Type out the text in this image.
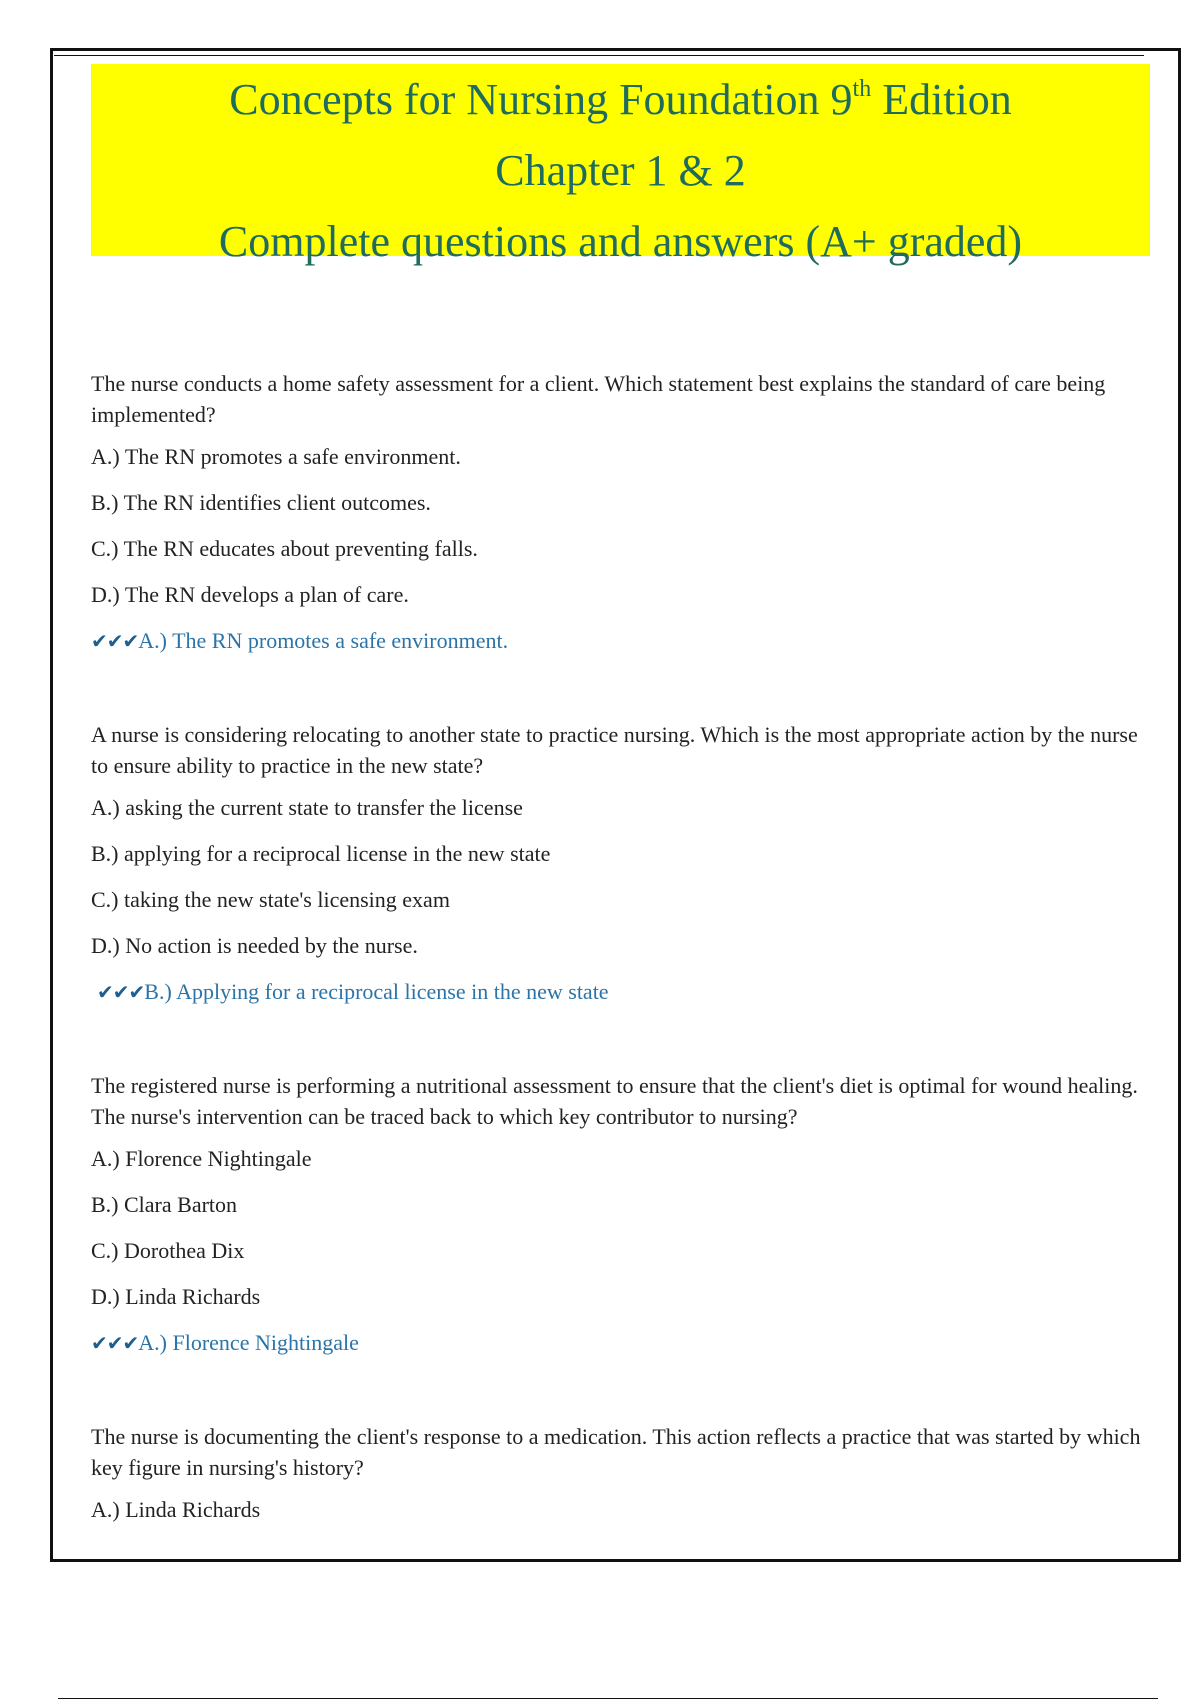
Concepts for Nursing Foundation 9th Edition
Chapter 1 & 2
Complete questions and answers (A+ graded)

The nurse conducts a home safety assessment for a client. Which statement best explains the standard of care being implemented?

A.) The RN promotes a safe environment.

B.) The RN identifies client outcomes.

C.) The RN educates about preventing falls.

D.) The RN develops a plan of care.

✔✔✔A.) The RN promotes a safe environment.

A nurse is considering relocating to another state to practice nursing. Which is the most appropriate action by the nurse to ensure ability to practice in the new state?

A.) asking the current state to transfer the license

B.) applying for a reciprocal license in the new state

C.) taking the new state's licensing exam

D.) No action is needed by the nurse.

✔✔✔B.) Applying for a reciprocal license in the new state

The registered nurse is performing a nutritional assessment to ensure that the client's diet is optimal for wound healing. The nurse's intervention can be traced back to which key contributor to nursing?

A.) Florence Nightingale

B.) Clara Barton

C.) Dorothea Dix

D.) Linda Richards

✔✔✔A.) Florence Nightingale

The nurse is documenting the client's response to a medication. This action reflects a practice that was started by which key figure in nursing's history?

A.) Linda Richards
